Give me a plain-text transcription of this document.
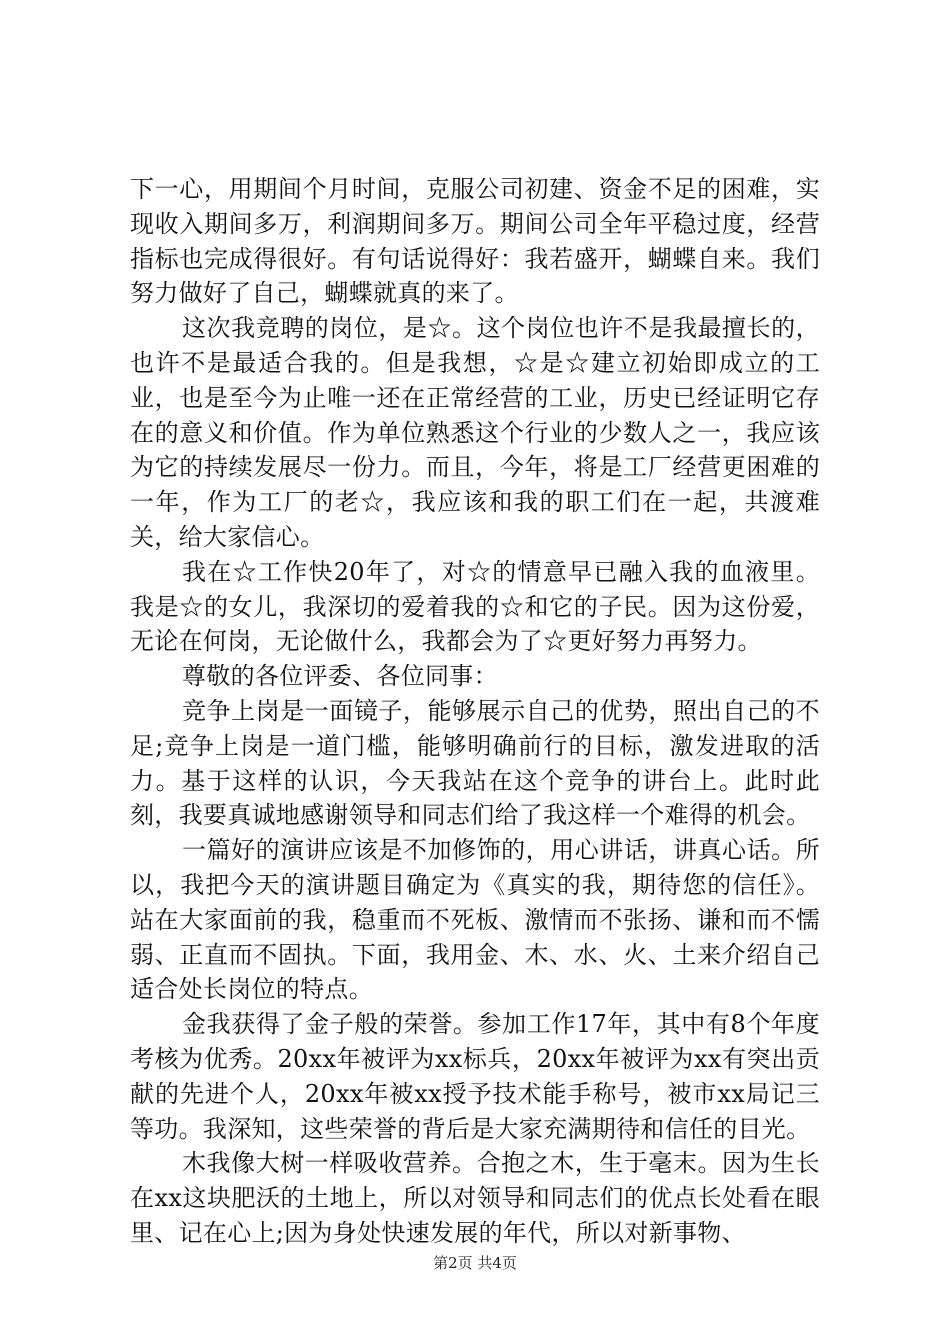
下一心，用期间个月时间，克服公司初建、资金不足的困难，实现收入期间多万，利润期间多万。期间公司全年平稳过度，经营指标也完成得很好。有句话说得好：我若盛开，蝴蝶自来。我们努力做好了自己，蝴蝶就真的来了。

这次我竞聘的岗位，是☆。这个岗位也许不是我最擅长的，也许不是最适合我的。但是我想，☆是☆建立初始即成立的工业，也是至今为止唯一还在正常经营的工业，历史已经证明它存在的意义和价值。作为单位熟悉这个行业的少数人之一，我应该为它的持续发展尽一份力。而且，今年，将是工厂经营更困难的一年，作为工厂的老☆，我应该和我的职工们在一起，共渡难关，给大家信心。

我在☆工作快20年了，对☆的情意早已融入我的血液里。我是☆的女儿，我深切的爱着我的☆和它的子民。因为这份爱，无论在何岗，无论做什么，我都会为了☆更好努力再努力。

尊敬的各位评委、各位同事：

竞争上岗是一面镜子，能够展示自己的优势，照出自己的不足;竞争上岗是一道门槛，能够明确前行的目标，激发进取的活力。基于这样的认识，今天我站在这个竞争的讲台上。此时此刻，我要真诚地感谢领导和同志们给了我这样一个难得的机会。

一篇好的演讲应该是不加修饰的，用心讲话，讲真心话。所以，我把今天的演讲题目确定为《真实的我，期待您的信任》。站在大家面前的我，稳重而不死板、激情而不张扬、谦和而不懦弱、正直而不固执。下面，我用金、木、水、火、土来介绍自己适合处长岗位的特点。

金我获得了金子般的荣誉。参加工作17年，其中有8个年度考核为优秀。20xx年被评为xx标兵，20xx年被评为xx有突出贡献的先进个人，20xx年被xx授予技术能手称号，被市xx局记三等功。我深知，这些荣誉的背后是大家充满期待和信任的目光。

木我像大树一样吸收营养。合抱之木，生于毫末。因为生长在xx这块肥沃的土地上，所以对领导和同志们的优点长处看在眼里、记在心上;因为身处快速发展的年代，所以对新事物、

第2页 共4页
